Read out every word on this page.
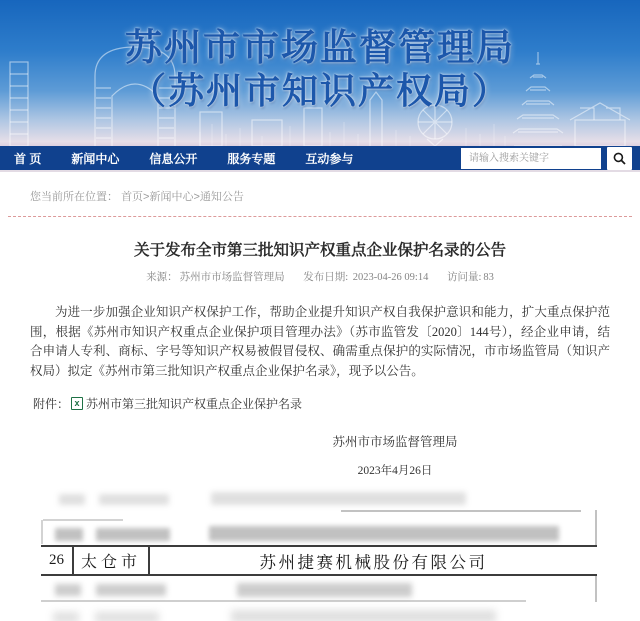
苏州市市场监督管理局
（苏州市知识产权局）
首 页	新闻中心	信息公开	服务专题	互动参与
请输入搜索关键字
您当前所在位置： 首页>新闻中心>通知公告
关于发布全市第三批知识产权重点企业保护名录的公告
来源： 苏州市市场监督管理局 发布日期: 2023-04-26 09:14 访问量: 83

为进一步加强企业知识产权保护工作，帮助企业提升知识产权自我保护意识和能力，扩大重点保护范围，根据《苏州市知识产权重点企业保护项目管理办法》（苏市监管发〔2020〕144号），经企业申请，结合申请人专利、商标、字号等知识产权易被假冒侵权、确需重点保护的实际情况，市市场监管局（知识产权局）拟定《苏州市第三批知识产权重点企业保护名录》，现予以公告。

附件： x 苏州市第三批知识产权重点企业保护名录
苏州市市场监督管理局
2023年4月26日
26	太仓市	苏州捷赛机械股份有限公司
